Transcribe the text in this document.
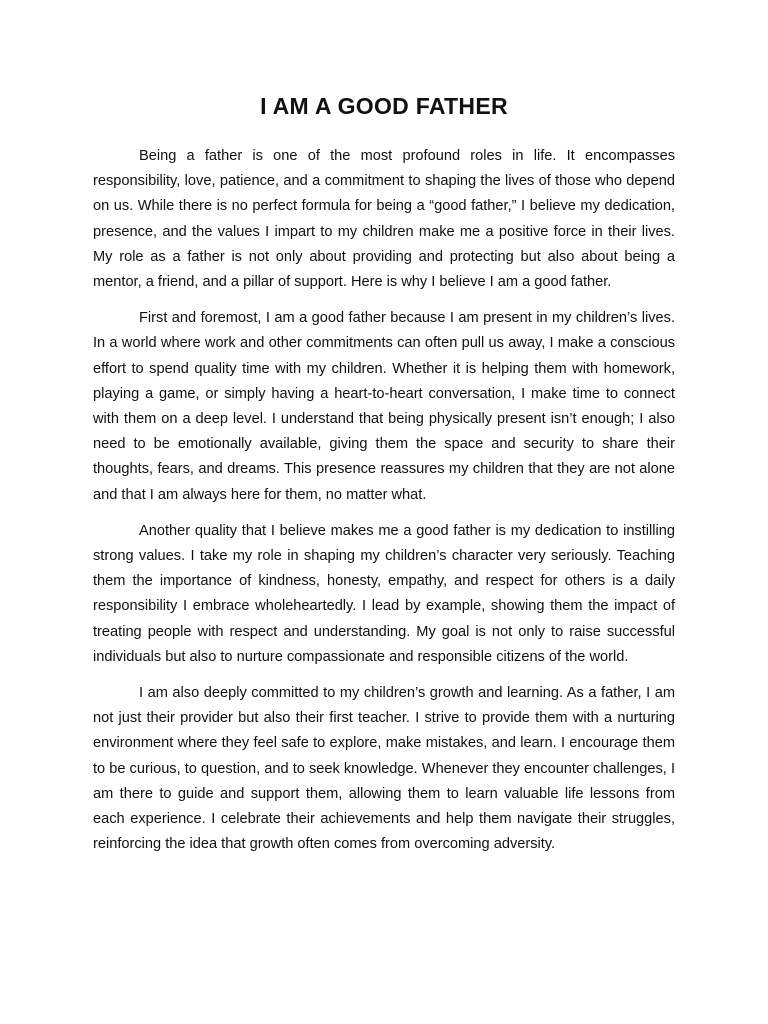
I AM A GOOD FATHER

Being a father is one of the most profound roles in life. It encompasses responsibility, love, patience, and a commitment to shaping the lives of those who depend on us. While there is no perfect formula for being a “good father,” I believe my dedication, presence, and the values I impart to my children make me a positive force in their lives. My role as a father is not only about providing and protecting but also about being a mentor, a friend, and a pillar of support. Here is why I believe I am a good father.

First and foremost, I am a good father because I am present in my children’s lives. In a world where work and other commitments can often pull us away, I make a conscious effort to spend quality time with my children. Whether it is helping them with homework, playing a game, or simply having a heart-to-heart conversation, I make time to connect with them on a deep level. I understand that being physically present isn’t enough; I also need to be emotionally available, giving them the space and security to share their thoughts, fears, and dreams. This presence reassures my children that they are not alone and that I am always here for them, no matter what.

Another quality that I believe makes me a good father is my dedication to instilling strong values. I take my role in shaping my children’s character very seriously. Teaching them the importance of kindness, honesty, empathy, and respect for others is a daily responsibility I embrace wholeheartedly. I lead by example, showing them the impact of treating people with respect and understanding. My goal is not only to raise successful individuals but also to nurture compassionate and responsible citizens of the world.

I am also deeply committed to my children’s growth and learning. As a father, I am not just their provider but also their first teacher. I strive to provide them with a nurturing environment where they feel safe to explore, make mistakes, and learn. I encourage them to be curious, to question, and to seek knowledge. Whenever they encounter challenges, I am there to guide and support them, allowing them to learn valuable life lessons from each experience. I celebrate their achievements and help them navigate their struggles, reinforcing the idea that growth often comes from overcoming adversity.
